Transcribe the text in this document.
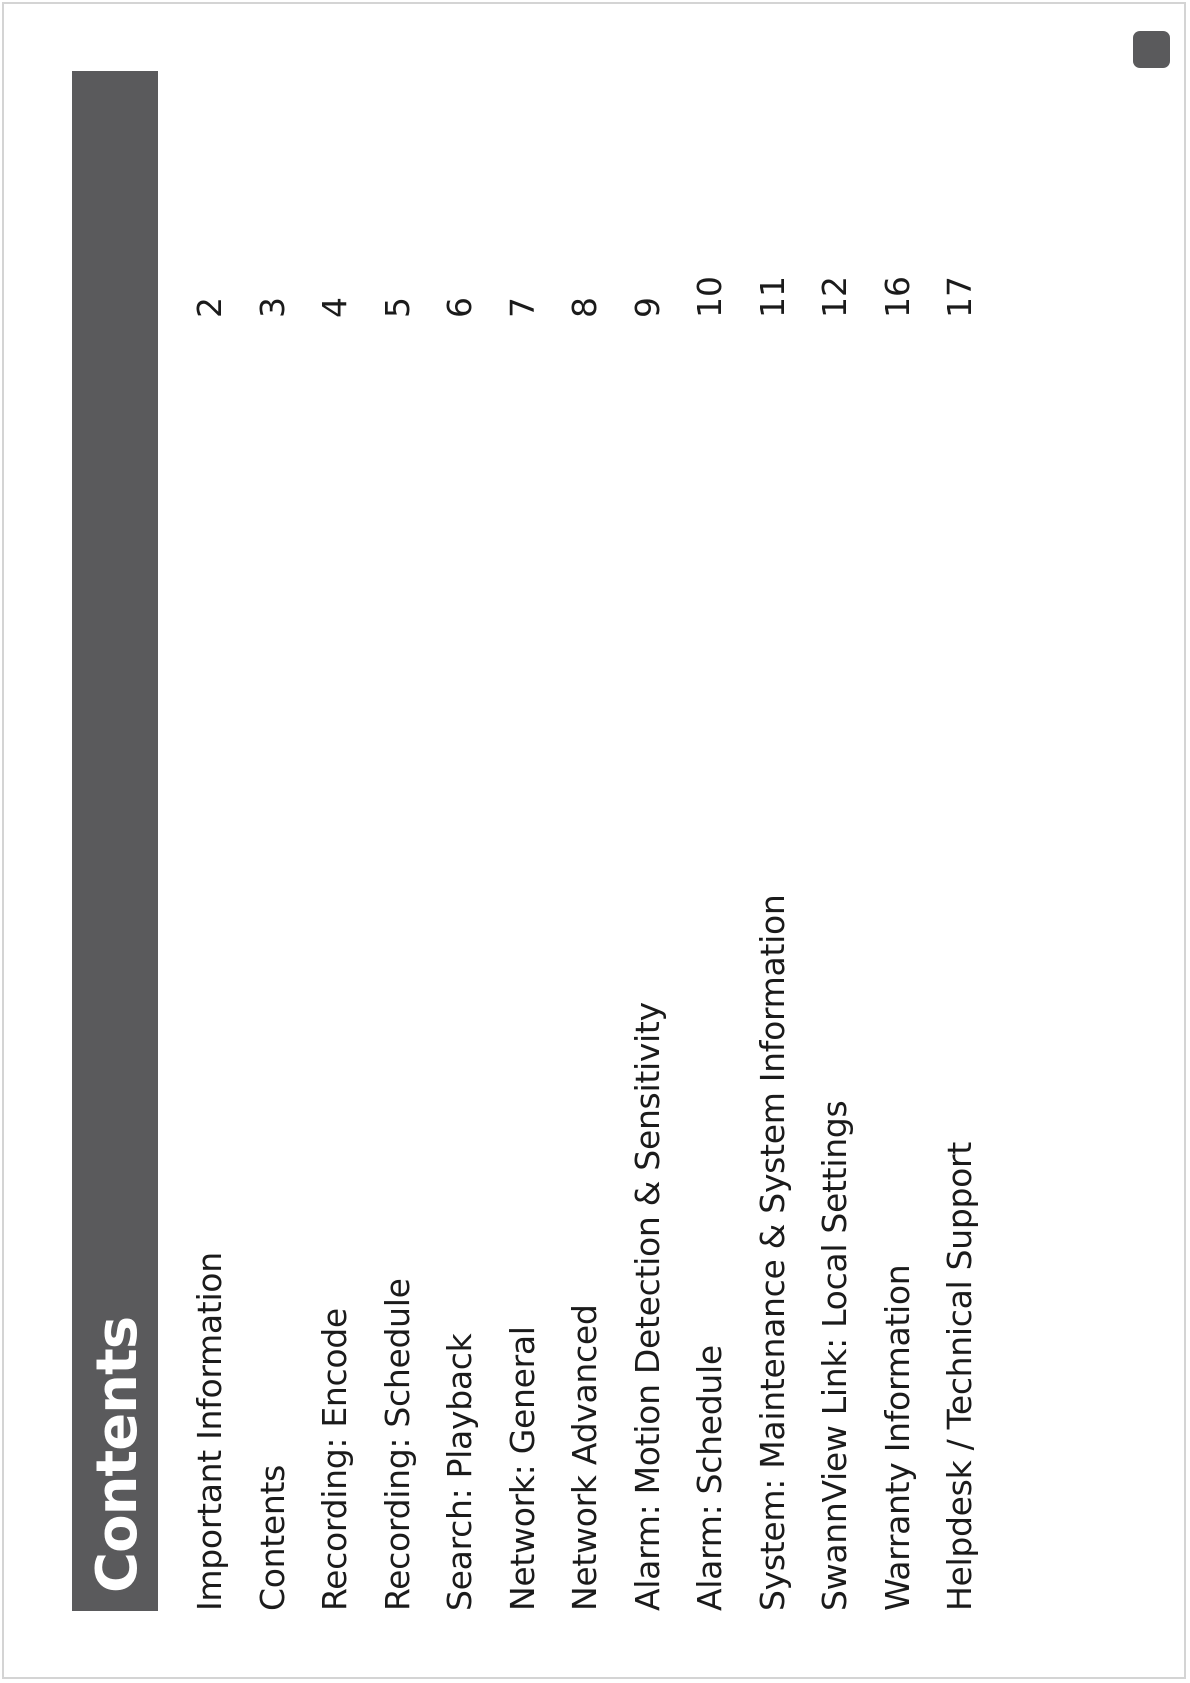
Contents Important Information
2
Contents
3
Recording: Encode
4
Recording: Schedule
5
Search: Playback
6
Network: General
7
Network Advanced
8
Alarm: Motion Detection & Sensitivity
9
Alarm: Schedule
10
System: Maintenance & System Information
11
SwannView Link: Local Settings
12
Warranty Information
16
Helpdesk / Technical Support
17
